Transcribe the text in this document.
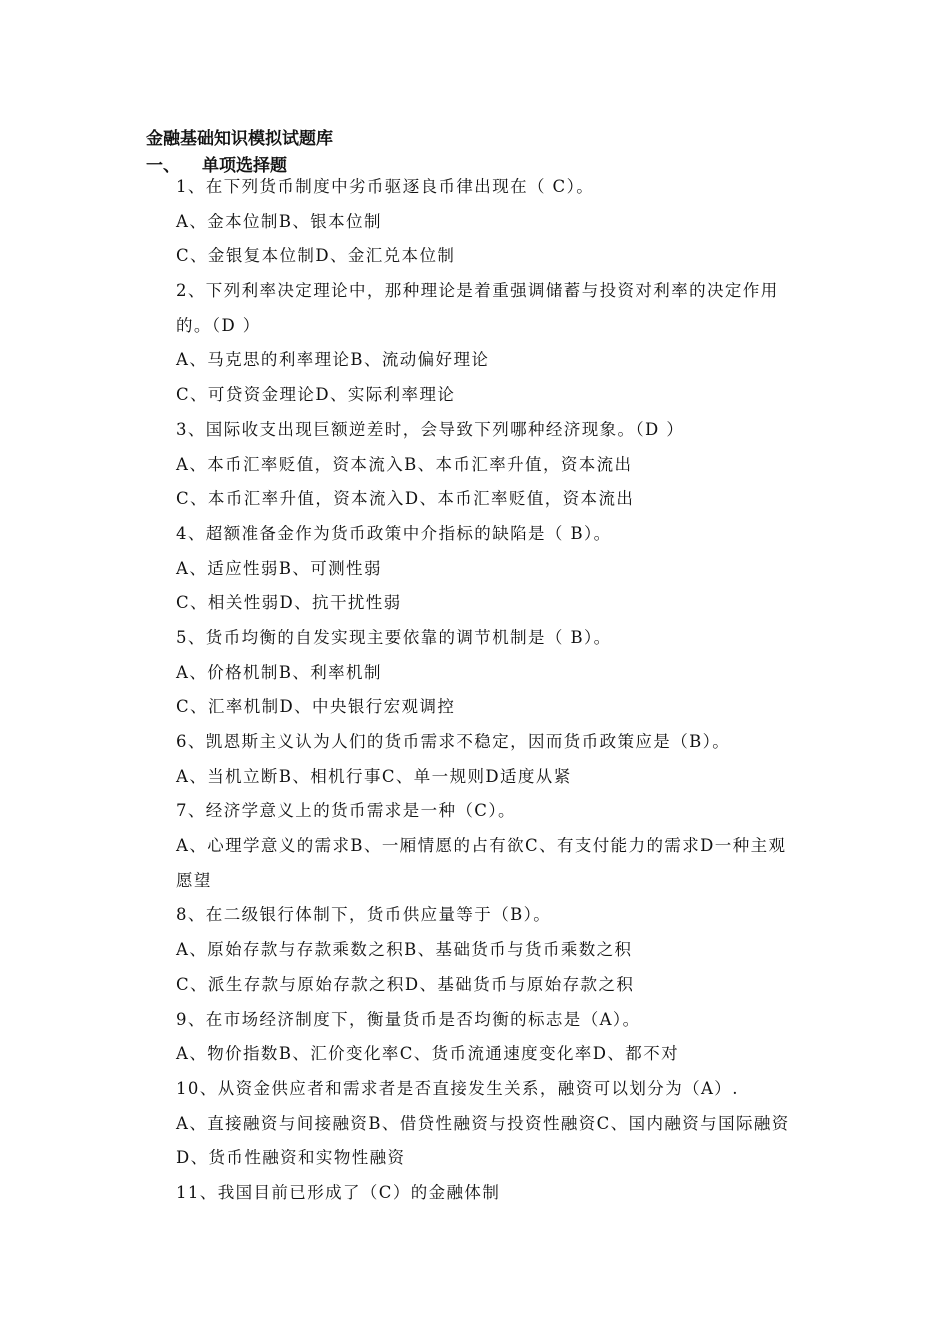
金融基础知识模拟试题库
一、 单项选择题
1、在下列货币制度中劣币驱逐良币律出现在（ C）。
A、金本位制B、银本位制
C、金银复本位制D、金汇兑本位制
2、下列利率决定理论中，那种理论是着重强调储蓄与投资对利率的决定作用
的。（D ）
A、马克思的利率理论B、流动偏好理论
C、可贷资金理论D、实际利率理论
3、国际收支出现巨额逆差时，会导致下列哪种经济现象。（D ）
A、本币汇率贬值，资本流入B、本币汇率升值，资本流出
C、本币汇率升值，资本流入D、本币汇率贬值，资本流出
4、超额准备金作为货币政策中介指标的缺陷是（ B）。
A、适应性弱B、可测性弱
C、相关性弱D、抗干扰性弱
5、货币均衡的自发实现主要依靠的调节机制是（ B）。
A、价格机制B、利率机制
C、汇率机制D、中央银行宏观调控
6、凯恩斯主义认为人们的货币需求不稳定，因而货币政策应是（B）。
A、当机立断B、相机行事C、单一规则D适度从紧
7、经济学意义上的货币需求是一种（C）。
A、心理学意义的需求B、一厢情愿的占有欲C、有支付能力的需求D一种主观
愿望
8、在二级银行体制下，货币供应量等于（B）。
A、原始存款与存款乘数之积B、基础货币与货币乘数之积
C、派生存款与原始存款之积D、基础货币与原始存款之积
9、在市场经济制度下，衡量货币是否均衡的标志是（A）。
A、物价指数B、汇价变化率C、货币流通速度变化率D、都不对
10、从资金供应者和需求者是否直接发生关系，融资可以划分为（A）.
A、直接融资与间接融资B、借贷性融资与投资性融资C、国内融资与国际融资
D、货币性融资和实物性融资
11、我国目前已形成了（C）的金融体制
